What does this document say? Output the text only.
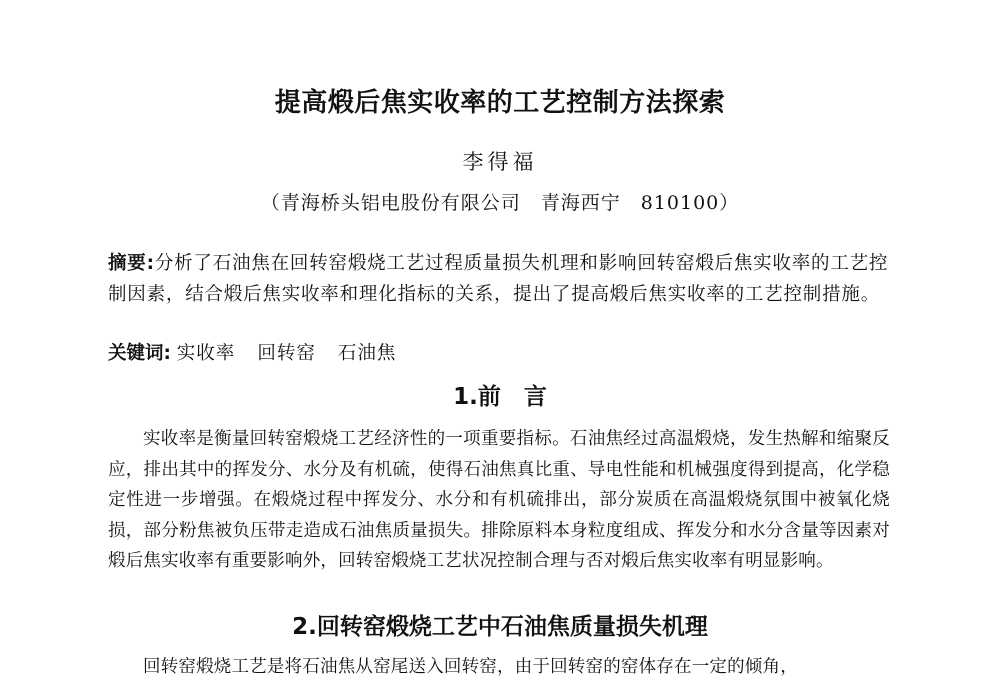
提高煅后焦实收率的工艺控制方法探索
李得福
（青海桥头铝电股份有限公司　青海西宁　810100）
摘要:分析了石油焦在回转窑煅烧工艺过程质量损失机理和影响回转窑煅后焦实收率的工艺控制因素，结合煅后焦实收率和理化指标的关系，提出了提高煅后焦实收率的工艺控制措施。
关键词: 实收率 回转窑 石油焦
1.前　言
实收率是衡量回转窑煅烧工艺经济性的一项重要指标。石油焦经过高温煅烧，发生热解和缩聚反应，排出其中的挥发分、水分及有机硫，使得石油焦真比重、导电性能和机械强度得到提高，化学稳定性进一步增强。在煅烧过程中挥发分、水分和有机硫排出，部分炭质在高温煅烧氛围中被氧化烧损，部分粉焦被负压带走造成石油焦质量损失。排除原料本身粒度组成、挥发分和水分含量等因素对煅后焦实收率有重要影响外，回转窑煅烧工艺状况控制合理与否对煅后焦实收率有明显影响。
2.回转窑煅烧工艺中石油焦质量损失机理
回转窑煅烧工艺是将石油焦从窑尾送入回转窑，由于回转窑的窑体存在一定的倾角，
